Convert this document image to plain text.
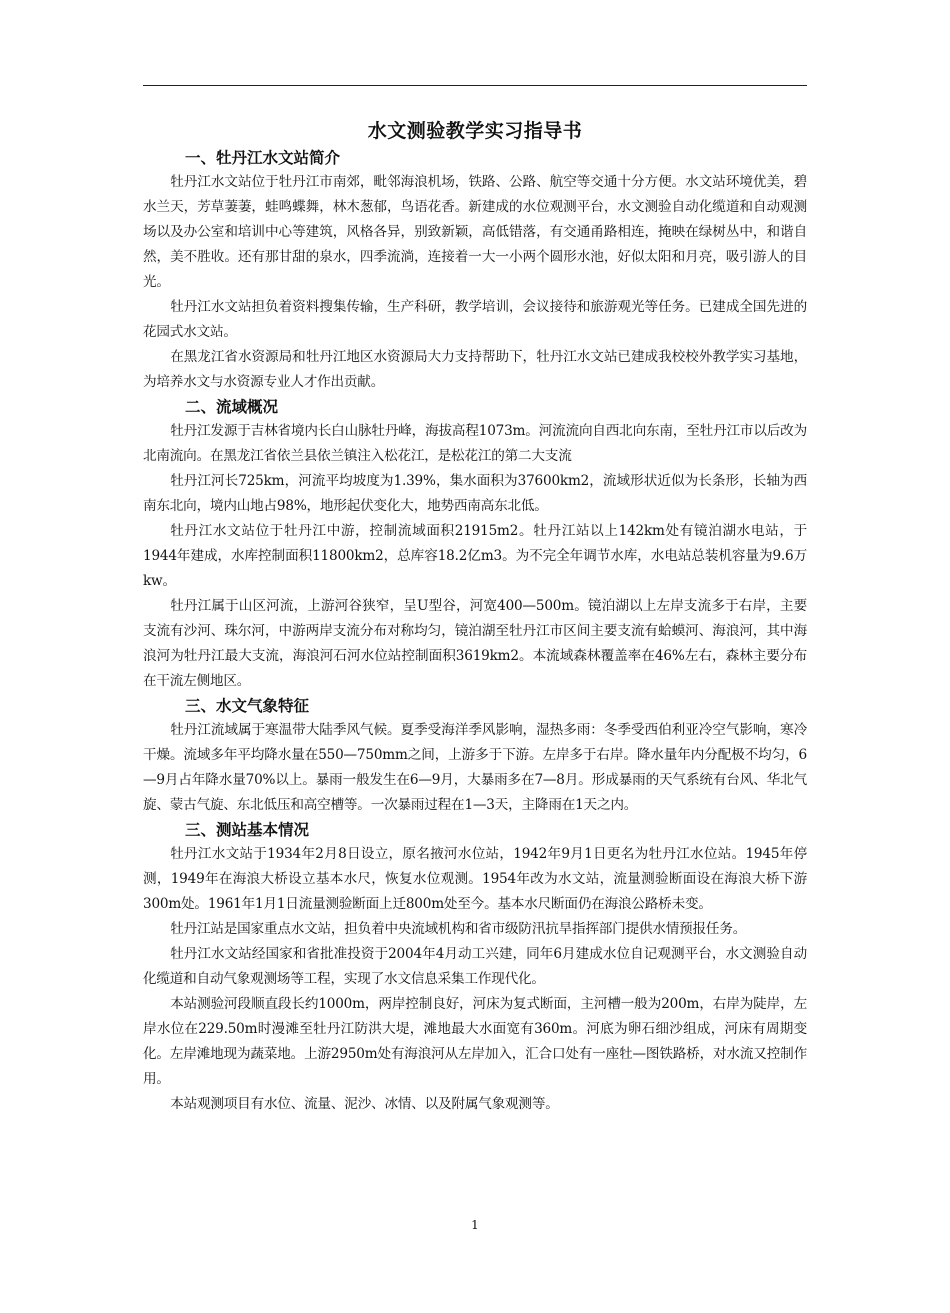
水文测验教学实习指导书
一、牡丹江水文站简介

牡丹江水文站位于牡丹江市南郊，毗邻海浪机场，铁路、公路、航空等交通十分方便。水文站环境优美，碧水兰天，芳草萋萋，蛙鸣蝶舞，林木葱郁，鸟语花香。新建成的水位观测平台，水文测验自动化缆道和自动观测场以及办公室和培训中心等建筑，风格各异，别致新颖，高低错落，有交通甬路相连，掩映在绿树丛中，和谐自然，美不胜收。还有那甘甜的泉水，四季流淌，连接着一大一小两个圆形水池，好似太阳和月亮，吸引游人的目光。

牡丹江水文站担负着资料搜集传输，生产科研，教学培训，会议接待和旅游观光等任务。已建成全国先进的花园式水文站。

在黑龙江省水资源局和牡丹江地区水资源局大力支持帮助下，牡丹江水文站已建成我校校外教学实习基地，为培养水文与水资源专业人才作出贡献。

二、流域概况

牡丹江发源于吉林省境内长白山脉牡丹峰，海拔高程1073m。河流流向自西北向东南，至牡丹江市以后改为北南流向。在黑龙江省依兰县依兰镇注入松花江，是松花江的第二大支流

牡丹江河长725km，河流平均坡度为1.39%，集水面积为37600km2，流域形状近似为长条形，长轴为西南东北向，境内山地占98%，地形起伏变化大，地势西南高东北低。

牡丹江水文站位于牡丹江中游，控制流域面积21915m2。牡丹江站以上142km处有镜泊湖水电站，于1944年建成，水库控制面积11800km2，总库容18.2亿m3。为不完全年调节水库，水电站总装机容量为9.6万kw。

牡丹江属于山区河流，上游河谷狭窄，呈U型谷，河宽400—500m。镜泊湖以上左岸支流多于右岸，主要支流有沙河、珠尔河，中游两岸支流分布对称均匀，镜泊湖至牡丹江市区间主要支流有蛤蟆河、海浪河，其中海浪河为牡丹江最大支流，海浪河石河水位站控制面积3619km2。本流域森林覆盖率在46%左右，森林主要分布在干流左侧地区。

三、水文气象特征

牡丹江流域属于寒温带大陆季风气候。夏季受海洋季风影响，湿热多雨：冬季受西伯利亚冷空气影响，寒冷干燥。流域多年平均降水量在550—750mm之间，上游多于下游。左岸多于右岸。降水量年内分配极不均匀，6—9月占年降水量70%以上。暴雨一般发生在6—9月，大暴雨多在7—8月。形成暴雨的天气系统有台风、华北气旋、蒙古气旋、东北低压和高空槽等。一次暴雨过程在1—3天，主降雨在1天之内。

三、测站基本情况

牡丹江水文站于1934年2月8日设立，原名掖河水位站，1942年9月1日更名为牡丹江水位站。1945年停测，1949年在海浪大桥设立基本水尺，恢复水位观测。1954年改为水文站，流量测验断面设在海浪大桥下游300m处。1961年1月1日流量测验断面上迁800m处至今。基本水尺断面仍在海浪公路桥未变。

牡丹江站是国家重点水文站，担负着中央流域机构和省市级防汛抗旱指挥部门提供水情预报任务。

牡丹江水文站经国家和省批准投资于2004年4月动工兴建，同年6月建成水位自记观测平台，水文测验自动化缆道和自动气象观测场等工程，实现了水文信息采集工作现代化。

本站测验河段顺直段长约1000m，两岸控制良好，河床为复式断面，主河槽一般为200m，右岸为陡岸，左岸水位在229.50m时漫滩至牡丹江防洪大堤，滩地最大水面宽有360m。河底为卵石细沙组成，河床有周期变化。左岸滩地现为蔬菜地。上游2950m处有海浪河从左岸加入，汇合口处有一座牡—图铁路桥，对水流又控制作用。

本站观测项目有水位、流量、泥沙、冰情、以及附属气象观测等。

1
